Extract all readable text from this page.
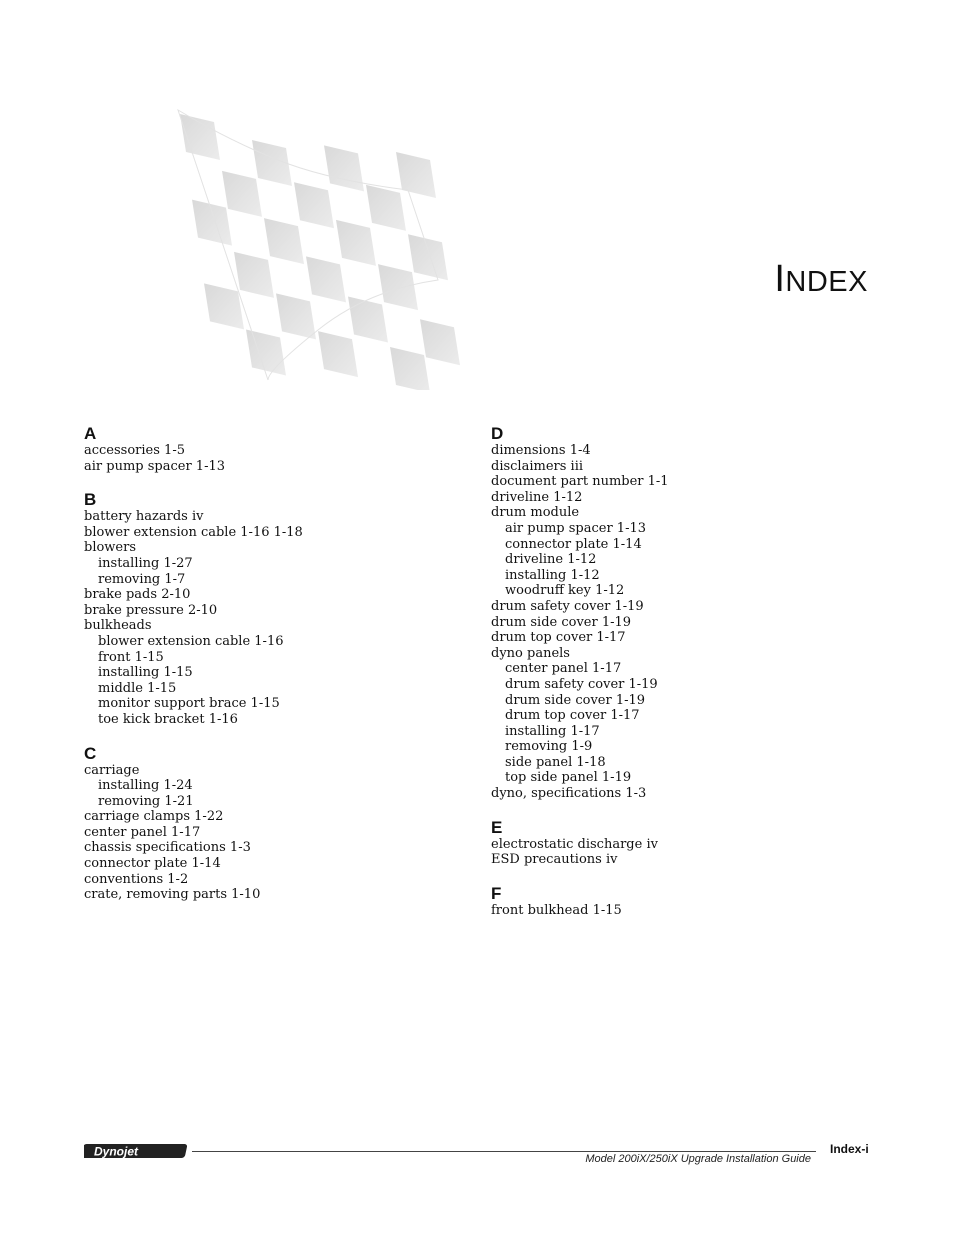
INDEX
A
accessories 1-5
air pump spacer 1-13
B
battery hazards iv
blower extension cable 1-16 1-18
blowers
installing 1-27
removing 1-7
brake pads 2-10
brake pressure 2-10
bulkheads
blower extension cable 1-16
front 1-15
installing 1-15
middle 1-15
monitor support brace 1-15
toe kick bracket 1-16
C
carriage
installing 1-24
removing 1-21
carriage clamps 1-22
center panel 1-17
chassis specifications 1-3
connector plate 1-14
conventions 1-2
crate, removing parts 1-10
D
dimensions 1-4
disclaimers iii
document part number 1-1
driveline 1-12
drum module
air pump spacer 1-13
connector plate 1-14
driveline 1-12
installing 1-12
woodruff key 1-12
drum safety cover 1-19
drum side cover 1-19
drum top cover 1-17
dyno panels
center panel 1-17
drum safety cover 1-19
drum side cover 1-19
drum top cover 1-17
installing 1-17
removing 1-9
side panel 1-18
top side panel 1-19
dyno, specifications 1-3
E
electrostatic discharge iv
ESD precautions iv
F
front bulkhead 1-15
Dynojet	Index-i
Model 200iX/250iX Upgrade Installation Guide
